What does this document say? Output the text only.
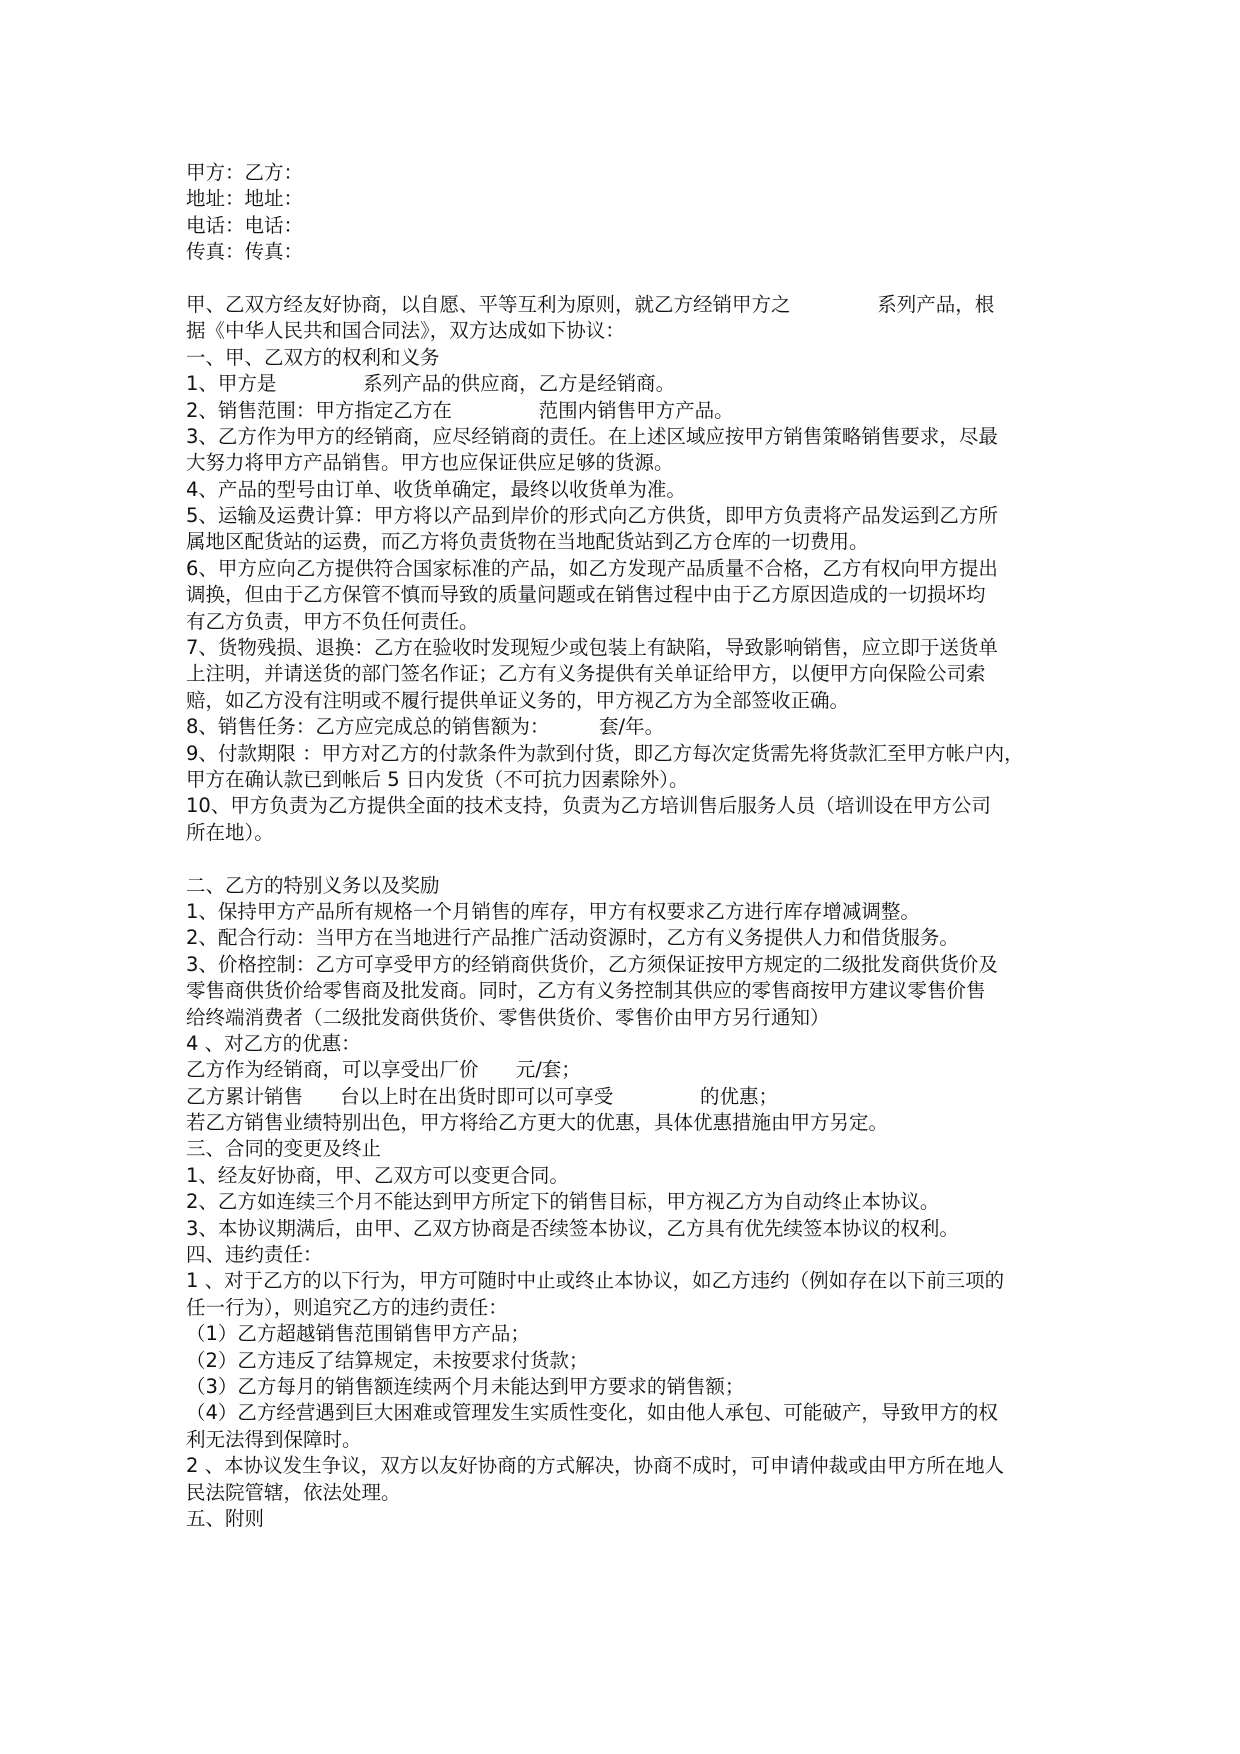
甲方：乙方：
地址：地址：
电话：电话：
传真：传真：
甲、乙双方经友好协商，以自愿、平等互利为原则，就乙方经销甲方之              系列产品，根
据《中华人民共和国合同法》，双方达成如下协议：
一、甲、乙双方的权利和义务
1、甲方是              系列产品的供应商，乙方是经销商。
2、销售范围：甲方指定乙方在              范围内销售甲方产品。
3、乙方作为甲方的经销商，应尽经销商的责任。在上述区域应按甲方销售策略销售要求，尽最
大努力将甲方产品销售。甲方也应保证供应足够的货源。
4、产品的型号由订单、收货单确定，最终以收货单为准。
5、运输及运费计算：甲方将以产品到岸价的形式向乙方供货，即甲方负责将产品发运到乙方所
属地区配货站的运费，而乙方将负责货物在当地配货站到乙方仓库的一切费用。
6、甲方应向乙方提供符合国家标准的产品，如乙方发现产品质量不合格，乙方有权向甲方提出
调换，但由于乙方保管不慎而导致的质量问题或在销售过程中由于乙方原因造成的一切损坏均
有乙方负责，甲方不负任何责任。
7、货物残损、退换：乙方在验收时发现短少或包装上有缺陷，导致影响销售，应立即于送货单
上注明，并请送货的部门签名作证；乙方有义务提供有关单证给甲方，以便甲方向保险公司索
赔，如乙方没有注明或不履行提供单证义务的，甲方视乙方为全部签收正确。
8、销售任务：乙方应完成总的销售额为：        套/年。
9、付款期限 ：甲方对乙方的付款条件为款到付货，即乙方每次定货需先将货款汇至甲方帐户内，
甲方在确认款已到帐后 5 日内发货（不可抗力因素除外）。
10、甲方负责为乙方提供全面的技术支持，负责为乙方培训售后服务人员（培训设在甲方公司
所在地）。
二、乙方的特别义务以及奖励
1、保持甲方产品所有规格一个月销售的库存，甲方有权要求乙方进行库存增减调整。
2、配合行动：当甲方在当地进行产品推广活动资源时，乙方有义务提供人力和借货服务。
3、价格控制：乙方可享受甲方的经销商供货价，乙方须保证按甲方规定的二级批发商供货价及
零售商供货价给零售商及批发商。同时，乙方有义务控制其供应的零售商按甲方建议零售价售
给终端消费者（二级批发商供货价、零售供货价、零售价由甲方另行通知）
4 、对乙方的优惠：
乙方作为经销商，可以享受出厂价      元/套；
乙方累计销售      台以上时在出货时即可以可享受              的优惠；
若乙方销售业绩特别出色，甲方将给乙方更大的优惠，具体优惠措施由甲方另定。
三、合同的变更及终止
1、经友好协商，甲、乙双方可以变更合同。
2、乙方如连续三个月不能达到甲方所定下的销售目标，甲方视乙方为自动终止本协议。
3、本协议期满后，由甲、乙双方协商是否续签本协议，乙方具有优先续签本协议的权利。
四、违约责任：
1 、对于乙方的以下行为，甲方可随时中止或终止本协议，如乙方违约（例如存在以下前三项的
任一行为），则追究乙方的违约责任：
（1）乙方超越销售范围销售甲方产品；
（2）乙方违反了结算规定，未按要求付货款；
（3）乙方每月的销售额连续两个月未能达到甲方要求的销售额；
（4）乙方经营遇到巨大困难或管理发生实质性变化，如由他人承包、可能破产，导致甲方的权
利无法得到保障时。
2 、本协议发生争议，双方以友好协商的方式解决，协商不成时，可申请仲裁或由甲方所在地人
民法院管辖，依法处理。
五、附则
